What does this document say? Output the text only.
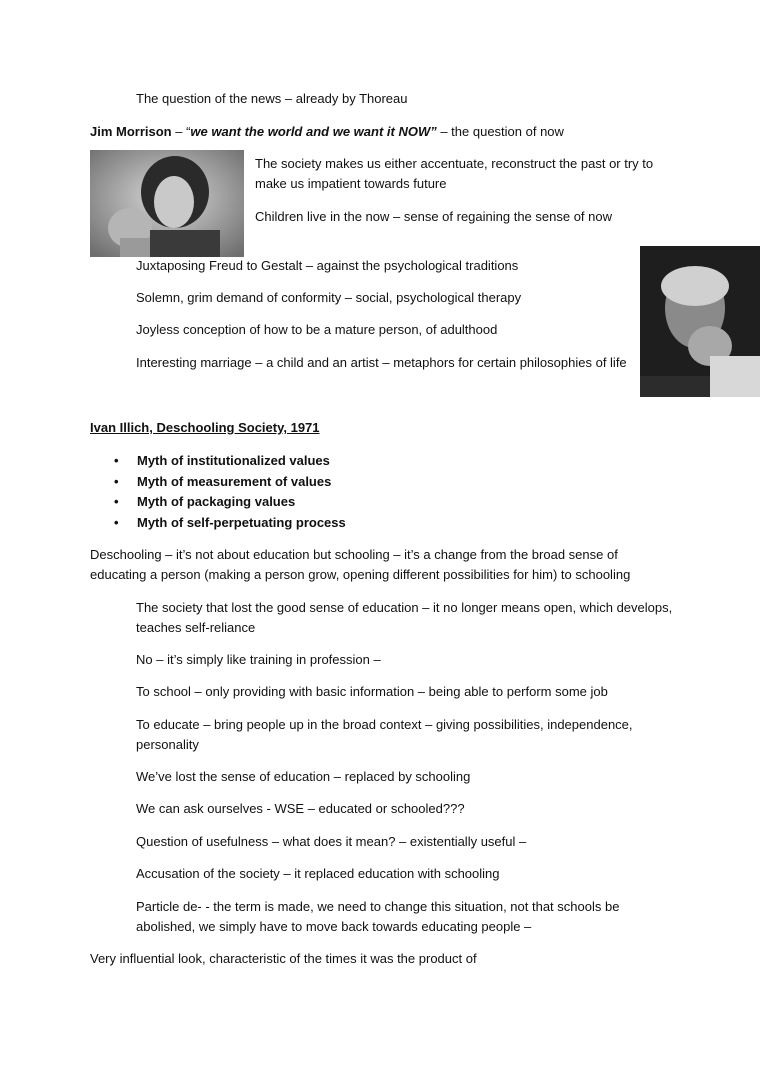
The question of the news – already by Thoreau
Jim Morrison – “we want the world and we want it NOW” – the question of now
The society makes us either accentuate, reconstruct the past or try to make us impatient towards future
Children live in the now – sense of regaining the sense of now
Juxtaposing Freud to Gestalt – against the psychological traditions
Solemn, grim demand of conformity – social, psychological therapy
Joyless conception of how to be a mature person, of adulthood
Interesting marriage – a child and an artist – metaphors for certain philosophies of life
Ivan Illich, Deschooling Society, 1971
• Myth of institutionalized values
• Myth of measurement of values
• Myth of packaging values
• Myth of self-perpetuating process
Deschooling – it’s not about education but schooling – it’s a change from the broad sense of educating a person (making a person grow, opening different possibilities for him) to schooling
The society that lost the good sense of education – it no longer means open, which develops, teaches self-reliance
No – it’s simply like training in profession –
To school – only providing with basic information – being able to perform some job
To educate – bring people up in the broad context – giving possibilities, independence, personality
We’ve lost the sense of education – replaced by schooling
We can ask ourselves - WSE – educated or schooled???
Question of usefulness – what does it mean? – existentially useful –
Accusation of the society – it replaced education with schooling
Particle de- - the term is made, we need to change this situation, not that schools be abolished, we simply have to move back towards educating people –
Very influential look, characteristic of the times it was the product of
